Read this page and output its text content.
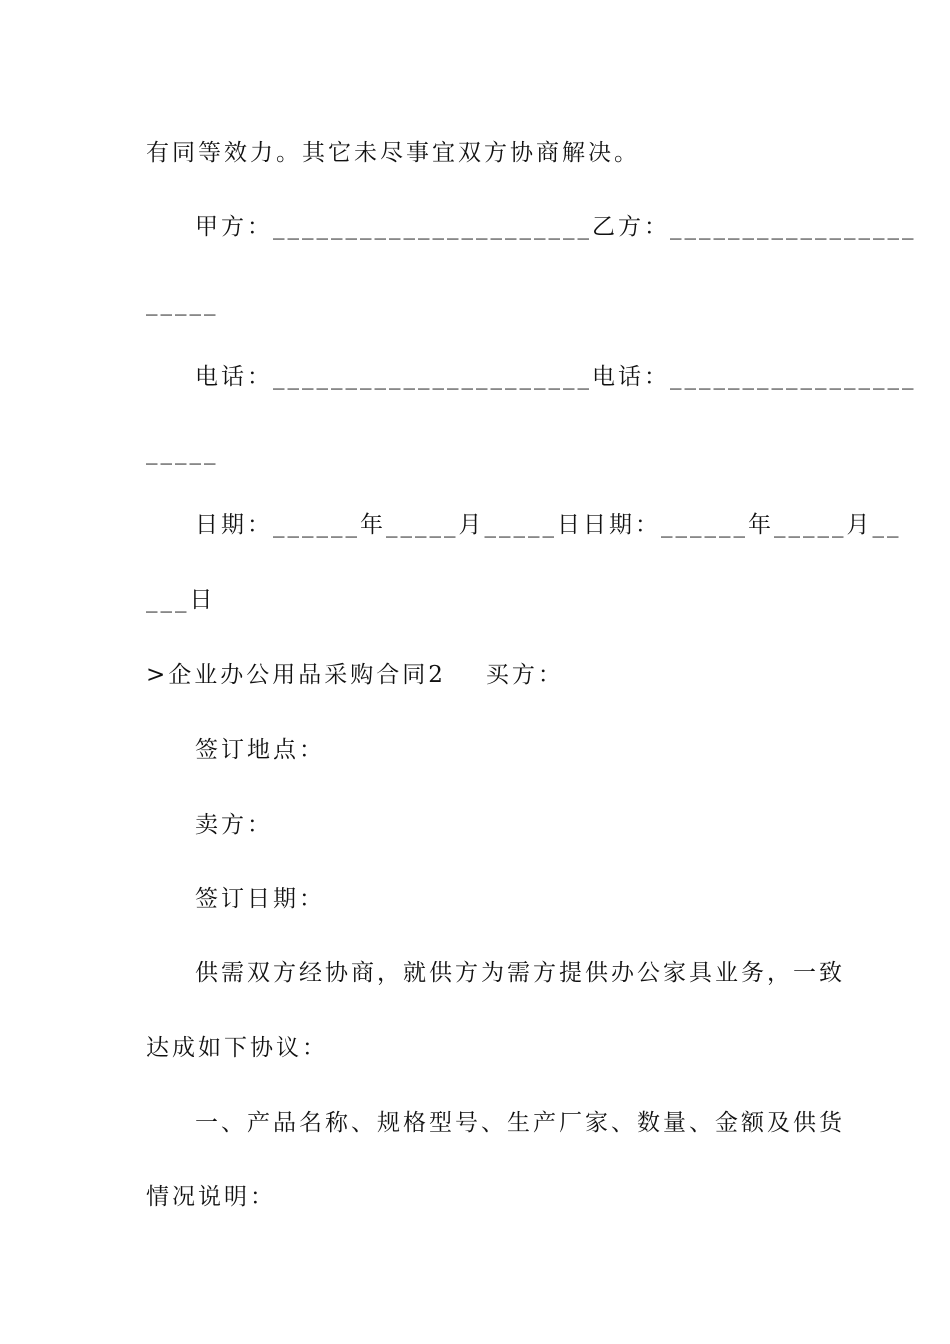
有同等效力。其它未尽事宜双方协商解决。
甲方：______________________乙方：_________________
_____
电话：______________________电话：_________________
_____
日期：______年_____月_____日日期：______年_____月__
___日
>企业办公用品采购合同2 买方：
签订地点：
卖方：
签订日期：
供需双方经协商，就供方为需方提供办公家具业务，一致
达成如下协议：
一、产品名称、规格型号、生产厂家、数量、金额及供货
情况说明：
